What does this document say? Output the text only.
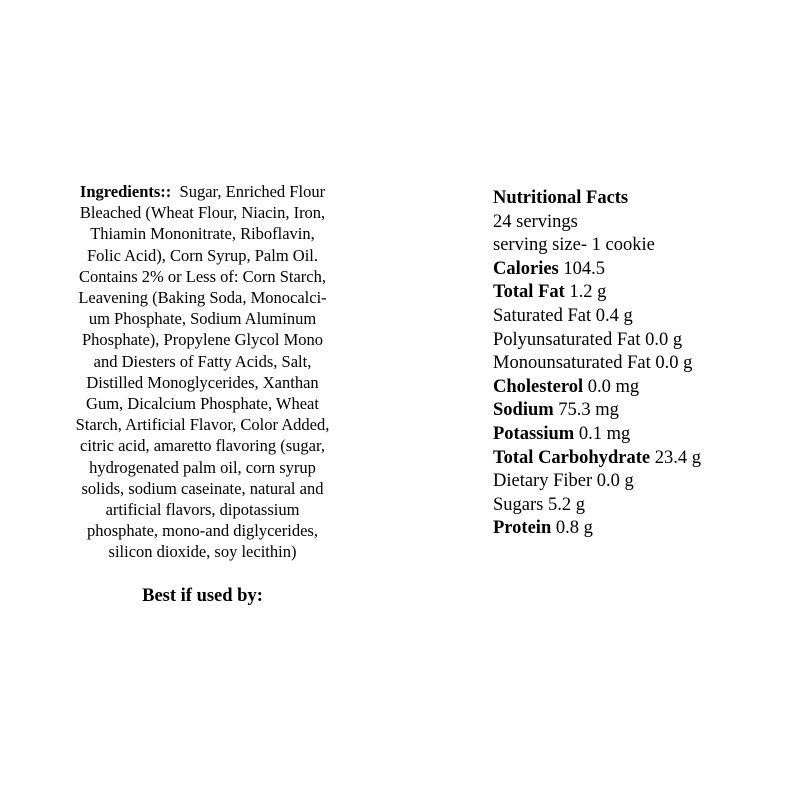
Ingredients:: Sugar, Enriched Flour
Bleached (Wheat Flour, Niacin, Iron,
Thiamin Mononitrate, Riboflavin,
Folic Acid), Corn Syrup, Palm Oil.
Contains 2% or Less of: Corn Starch,
Leavening (Baking Soda, Monocalci-
um Phosphate, Sodium Aluminum
Phosphate), Propylene Glycol Mono
and Diesters of Fatty Acids, Salt,
Distilled Monoglycerides, Xanthan
Gum, Dicalcium Phosphate, Wheat
Starch, Artificial Flavor, Color Added,
citric acid, amaretto flavoring (sugar,
hydrogenated palm oil, corn syrup
solids, sodium caseinate, natural and
artificial flavors, dipotassium
phosphate, mono-and diglycerides,
silicon dioxide, soy lecithin)
Best if used by:
Nutritional Facts
24 servings
serving size- 1 cookie
Calories 104.5
Total Fat 1.2 g
Saturated Fat 0.4 g
Polyunsaturated Fat 0.0 g
Monounsaturated Fat 0.0 g
Cholesterol 0.0 mg
Sodium 75.3 mg
Potassium 0.1 mg
Total Carbohydrate 23.4 g
Dietary Fiber 0.0 g
Sugars 5.2 g
Protein 0.8 g
